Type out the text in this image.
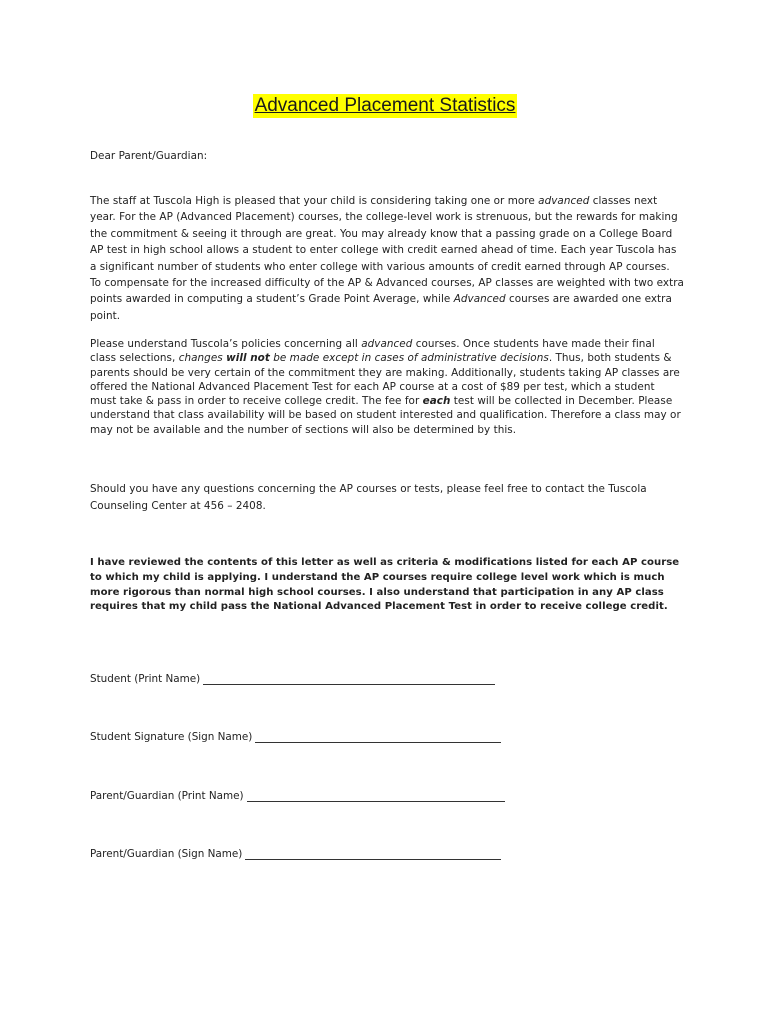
Advanced Placement Statistics
Dear Parent/Guardian:
The staff at Tuscola High is pleased that your child is considering taking one or more advanced classes next year. For the AP (Advanced Placement) courses, the college-level work is strenuous, but the rewards for making the commitment & seeing it through are great. You may already know that a passing grade on a College Board AP test in high school allows a student to enter college with credit earned ahead of time. Each year Tuscola has a significant number of students who enter college with various amounts of credit earned through AP courses. To compensate for the increased difficulty of the AP & Advanced courses, AP classes are weighted with two extra points awarded in computing a student’s Grade Point Average, while Advanced courses are awarded one extra point.
Please understand Tuscola’s policies concerning all advanced courses. Once students have made their final class selections, changes will not be made except in cases of administrative decisions. Thus, both students & parents should be very certain of the commitment they are making. Additionally, students taking AP classes are offered the National Advanced Placement Test for each AP course at a cost of $89 per test, which a student must take & pass in order to receive college credit. The fee for each test will be collected in December. Please understand that class availability will be based on student interested and qualification. Therefore a class may or may not be available and the number of sections will also be determined by this.
Should you have any questions concerning the AP courses or tests, please feel free to contact the Tuscola Counseling Center at 456 – 2408.
I have reviewed the contents of this letter as well as criteria & modifications listed for each AP course to which my child is applying. I understand the AP courses require college level work which is much more rigorous than normal high school courses. I also understand that participation in any AP class requires that my child pass the National Advanced Placement Test in order to receive college credit.
Student (Print Name)
Student Signature (Sign Name)
Parent/Guardian (Print Name)
Parent/Guardian (Sign Name)
